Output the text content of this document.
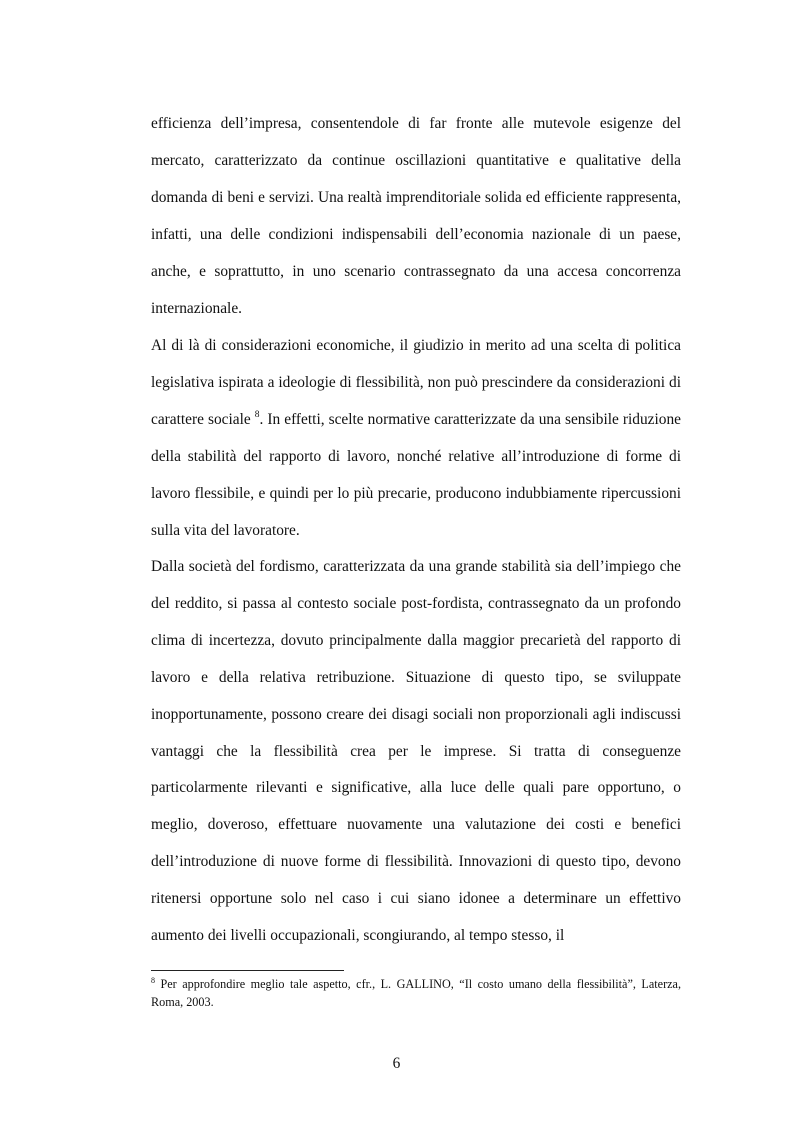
efficienza dell’impresa, consentendole di far fronte alle mutevole esigenze del mercato, caratterizzato da continue oscillazioni quantitative e qualitative della domanda di beni e servizi. Una realtà imprenditoriale solida ed efficiente rappresenta, infatti, una delle condizioni indispensabili dell’economia nazionale di un paese, anche, e soprattutto, in uno scenario contrassegnato da una accesa concorrenza internazionale.

Al di là di considerazioni economiche, il giudizio in merito ad una scelta di politica legislativa ispirata a ideologie di flessibilità, non può prescindere da considerazioni di carattere sociale $^8$. In effetti, scelte normative caratterizzate da una sensibile riduzione della stabilità del rapporto di lavoro, nonché relative all’introduzione di forme di lavoro flessibile, e quindi per lo più precarie, producono indubbiamente ripercussioni sulla vita del lavoratore.

Dalla società del fordismo, caratterizzata da una grande stabilità sia dell’impiego che del reddito, si passa al contesto sociale post-fordista, contrassegnato da un profondo clima di incertezza, dovuto principalmente dalla maggior precarietà del rapporto di lavoro e della relativa retribuzione. Situazione di questo tipo, se sviluppate inopportunamente, possono creare dei disagi sociali non proporzionali agli indiscussi vantaggi che la flessibilità crea per le imprese. Si tratta di conseguenze particolarmente rilevanti e significative, alla luce delle quali pare opportuno, o meglio, doveroso, effettuare nuovamente una valutazione dei costi e benefici dell’introduzione di nuove forme di flessibilità. Innovazioni di questo tipo, devono ritenersi opportune solo nel caso i cui siano idonee a determinare un effettivo aumento dei livelli occupazionali, scongiurando, al tempo stesso, il

$^8$ Per approfondire meglio tale aspetto, cfr., L. GALLINO, “Il costo umano della flessibilità”, Laterza, Roma, 2003.
6
